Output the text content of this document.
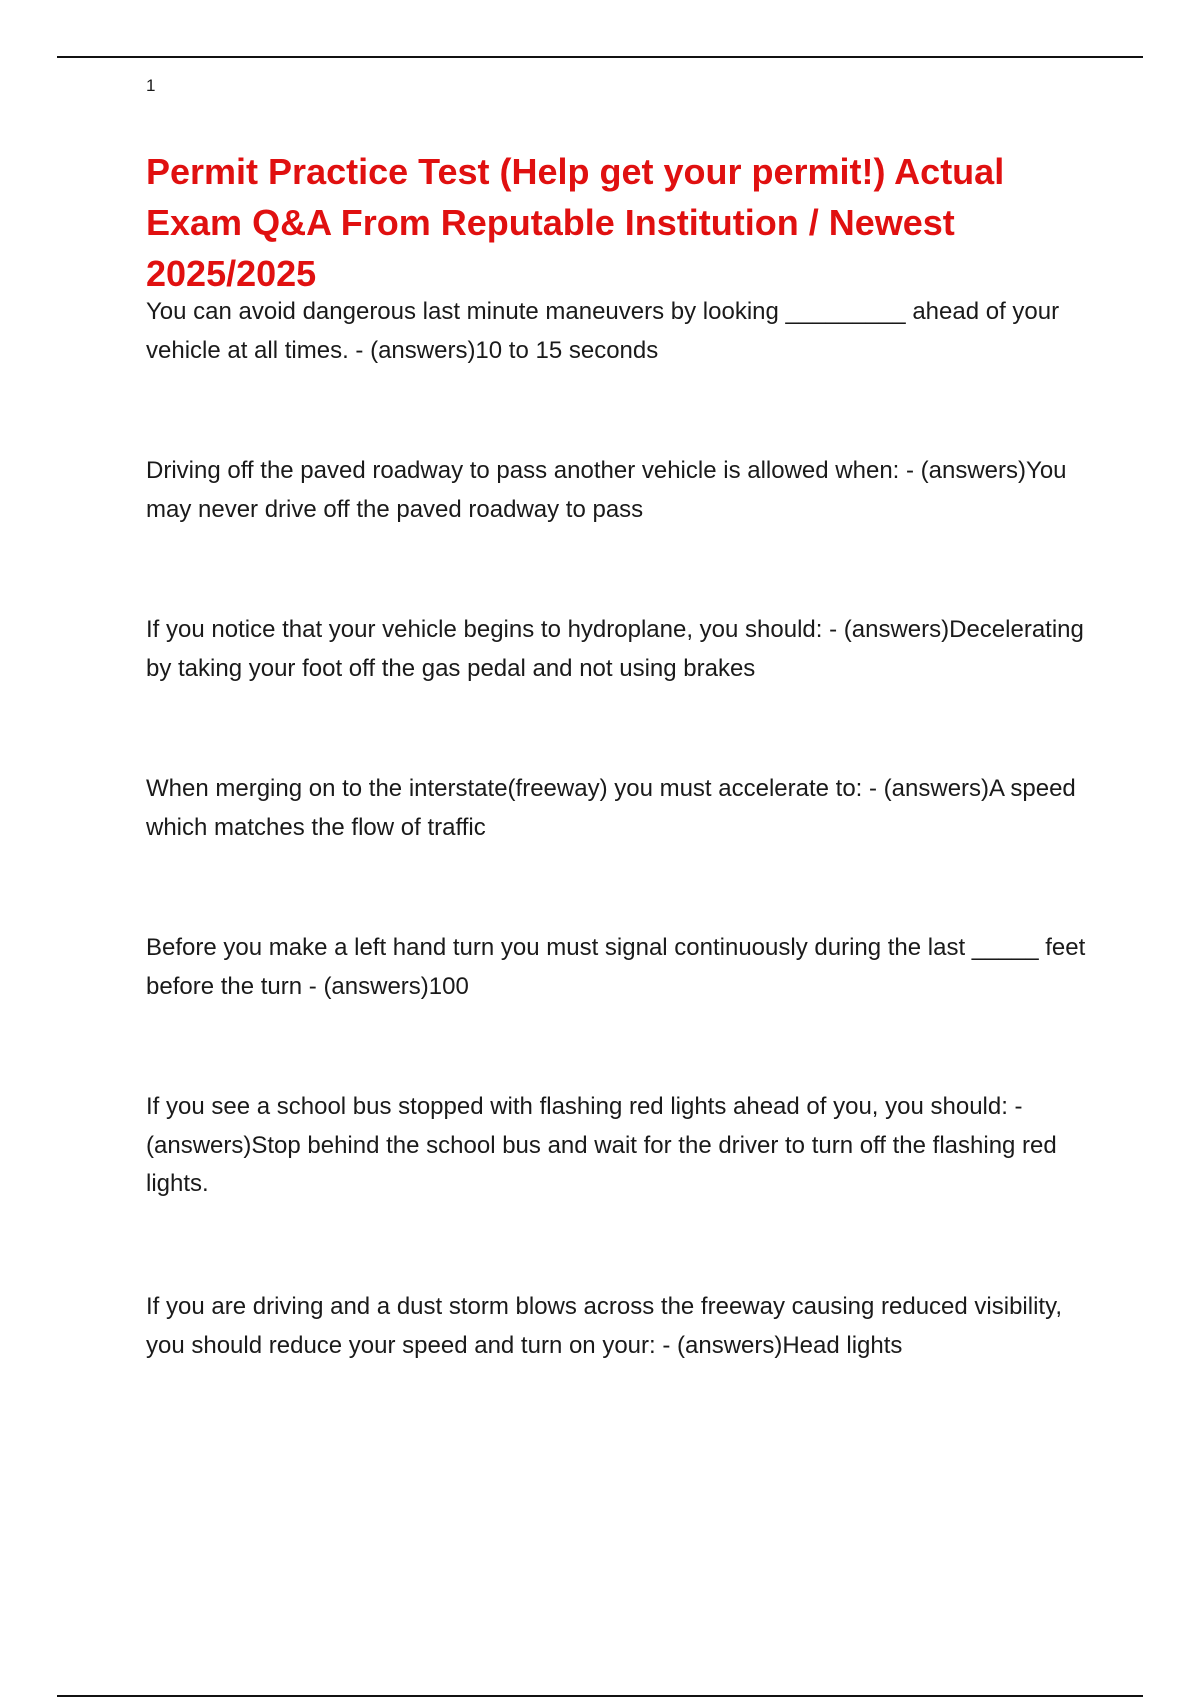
1
Permit Practice Test (Help get your permit!) Actual Exam Q&A From Reputable Institution / Newest 2025/2025

You can avoid dangerous last minute maneuvers by looking _________ ahead of your vehicle at all times. - (answers)10 to 15 seconds

Driving off the paved roadway to pass another vehicle is allowed when: - (answers)You may never drive off the paved roadway to pass

If you notice that your vehicle begins to hydroplane, you should: - (answers)Decelerating by taking your foot off the gas pedal and not using brakes

When merging on to the interstate(freeway) you must accelerate to: - (answers)A speed which matches the flow of traffic

Before you make a left hand turn you must signal continuously during the last _____ feet before the turn - (answers)100

If you see a school bus stopped with flashing red lights ahead of you, you should: - (answers)Stop behind the school bus and wait for the driver to turn off the flashing red lights.

If you are driving and a dust storm blows across the freeway causing reduced visibility, you should reduce your speed and turn on your: - (answers)Head lights
